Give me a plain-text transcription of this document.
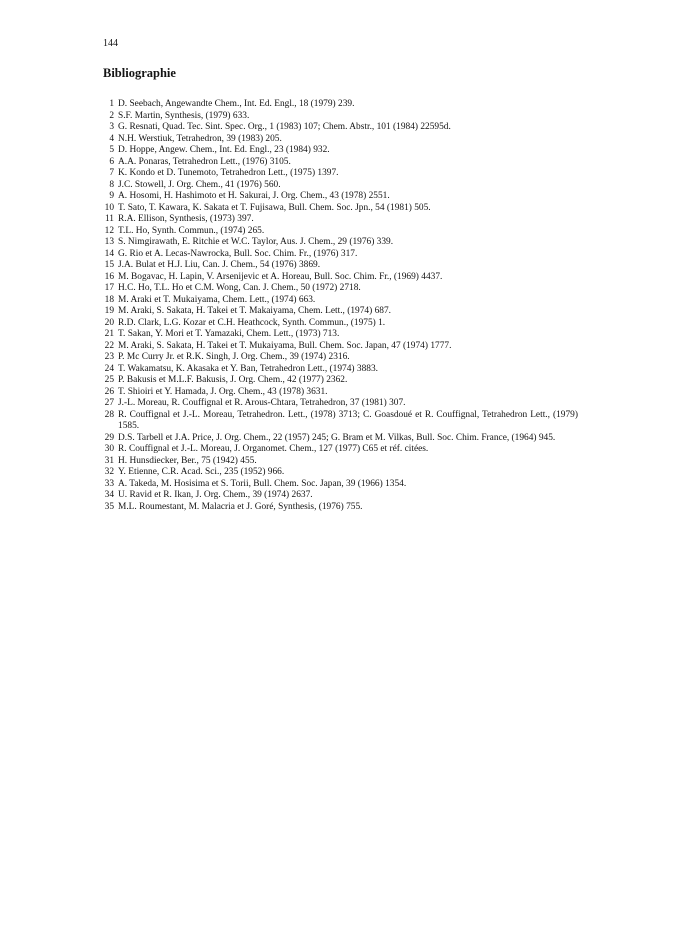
144
Bibliographie
1 D. Seebach, Angewandte Chem., Int. Ed. Engl., 18 (1979) 239.
2 S.F. Martin, Synthesis, (1979) 633.
3 G. Resnati, Quad. Tec. Sint. Spec. Org., 1 (1983) 107; Chem. Abstr., 101 (1984) 22595d.
4 N.H. Werstiuk, Tetrahedron, 39 (1983) 205.
5 D. Hoppe, Angew. Chem., Int. Ed. Engl., 23 (1984) 932.
6 A.A. Ponaras, Tetrahedron Lett., (1976) 3105.
7 K. Kondo et D. Tunemoto, Tetrahedron Lett., (1975) 1397.
8 J.C. Stowell, J. Org. Chem., 41 (1976) 560.
9 A. Hosomi, H. Hashimoto et H. Sakurai, J. Org. Chem., 43 (1978) 2551.
10 T. Sato, T. Kawara, K. Sakata et T. Fujisawa, Bull. Chem. Soc. Jpn., 54 (1981) 505.
11 R.A. Ellison, Synthesis, (1973) 397.
12 T.L. Ho, Synth. Commun., (1974) 265.
13 S. Nimgirawath, E. Ritchie et W.C. Taylor, Aus. J. Chem., 29 (1976) 339.
14 G. Rio et A. Lecas-Nawrocka, Bull. Soc. Chim. Fr., (1976) 317.
15 J.A. Bulat et H.J. Liu, Can. J. Chem., 54 (1976) 3869.
16 M. Bogavac, H. Lapin, V. Arsenijevic et A. Horeau, Bull. Soc. Chim. Fr., (1969) 4437.
17 H.C. Ho, T.L. Ho et C.M. Wong, Can. J. Chem., 50 (1972) 2718.
18 M. Araki et T. Mukaiyama, Chem. Lett., (1974) 663.
19 M. Araki, S. Sakata, H. Takei et T. Makaiyama, Chem. Lett., (1974) 687.
20 R.D. Clark, L.G. Kozar et C.H. Heathcock, Synth. Commun., (1975) 1.
21 T. Sakan, Y. Mori et T. Yamazaki, Chem. Lett., (1973) 713.
22 M. Araki, S. Sakata, H. Takei et T. Mukaiyama, Bull. Chem. Soc. Japan, 47 (1974) 1777.
23 P. Mc Curry Jr. et R.K. Singh, J. Org. Chem., 39 (1974) 2316.
24 T. Wakamatsu, K. Akasaka et Y. Ban, Tetrahedron Lett., (1974) 3883.
25 P. Bakusis et M.L.F. Bakusis, J. Org. Chem., 42 (1977) 2362.
26 T. Shioiri et Y. Hamada, J. Org. Chem., 43 (1978) 3631.
27 J.-L. Moreau, R. Couffignal et R. Arous-Chtara, Tetrahedron, 37 (1981) 307.
28 R. Couffignal et J.-L. Moreau, Tetrahedron. Lett., (1978) 3713; C. Goasdoué et R. Couffignal, Tetrahedron Lett., (1979) 1585.
29 D.S. Tarbell et J.A. Price, J. Org. Chem., 22 (1957) 245; G. Bram et M. Vilkas, Bull. Soc. Chim. France, (1964) 945.
30 R. Couffignal et J.-L. Moreau, J. Organomet. Chem., 127 (1977) C65 et réf. citées.
31 H. Hunsdiecker, Ber., 75 (1942) 455.
32 Y. Etienne, C.R. Acad. Sci., 235 (1952) 966.
33 A. Takeda, M. Hosisima et S. Torii, Bull. Chem. Soc. Japan, 39 (1966) 1354.
34 U. Ravid et R. Ikan, J. Org. Chem., 39 (1974) 2637.
35 M.L. Roumestant, M. Malacria et J. Goré, Synthesis, (1976) 755.
